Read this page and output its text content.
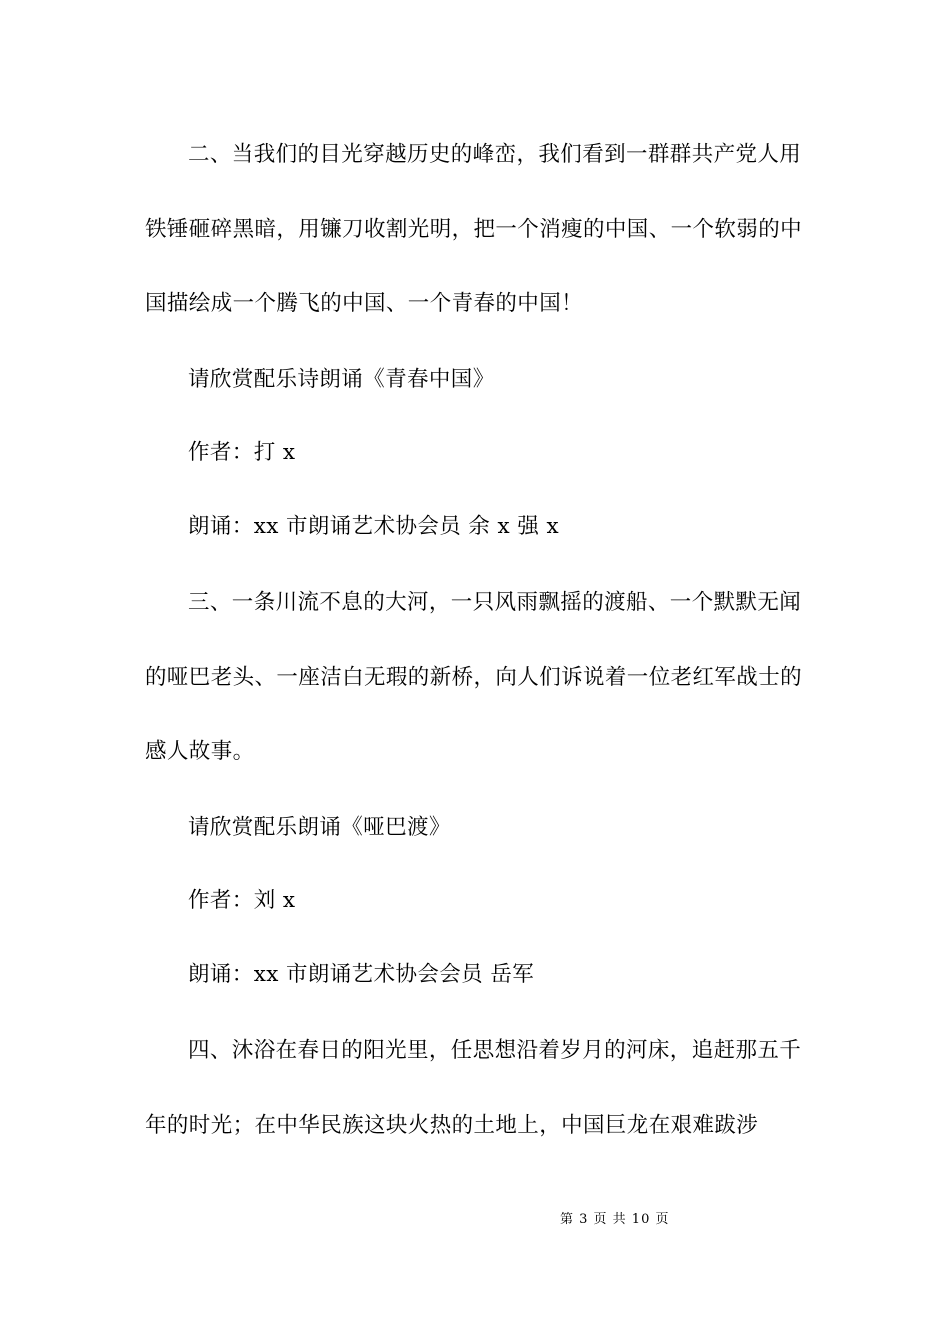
二、当我们的目光穿越历史的峰峦，我们看到一群群共产党人用铁锤砸碎黑暗，用镰刀收割光明，把一个消瘦的中国、一个软弱的中国描绘成一个腾飞的中国、一个青春的中国！

请欣赏配乐诗朗诵《青春中国》

作者：打 x

朗诵：xx 市朗诵艺术协会员 余 x 强 x

三、一条川流不息的大河，一只风雨飘摇的渡船、一个默默无闻的哑巴老头、一座洁白无瑕的新桥，向人们诉说着一位老红军战士的感人故事。

请欣赏配乐朗诵《哑巴渡》

作者：刘 x

朗诵：xx 市朗诵艺术协会会员 岳军

四、沐浴在春日的阳光里，任思想沿着岁月的河床，追赶那五千年的时光；在中华民族这块火热的土地上，中国巨龙在艰难跋涉

第 3 页 共 10 页
